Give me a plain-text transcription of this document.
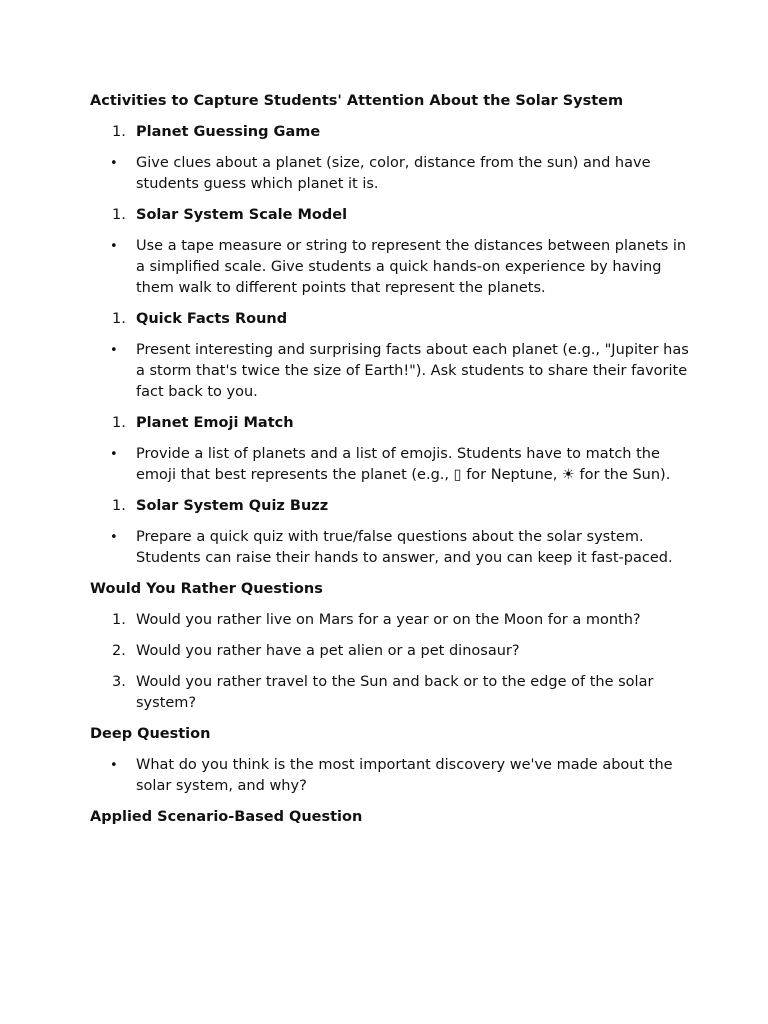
Activities to Capture Students' Attention About the Solar System
1. Planet Guessing Game
•	Give clues about a planet (size, color, distance from the sun) and have students guess which planet it is.
1. Solar System Scale Model
•	Use a tape measure or string to represent the distances between planets in a simplified scale. Give students a quick hands-on experience by having them walk to different points that represent the planets.
1. Quick Facts Round
•	Present interesting and surprising facts about each planet (e.g., "Jupiter has a storm that's twice the size of Earth!"). Ask students to share their favorite fact back to you.
1. Planet Emoji Match
•	Provide a list of planets and a list of emojis. Students have to match the emoji that best represents the planet (e.g., ▯ for Neptune, ☀ for the Sun).
1. Solar System Quiz Buzz
•	Prepare a quick quiz with true/false questions about the solar system. Students can raise their hands to answer, and you can keep it fast-paced.
Would You Rather Questions
1. Would you rather live on Mars for a year or on the Moon for a month?
2. Would you rather have a pet alien or a pet dinosaur?
3. Would you rather travel to the Sun and back or to the edge of the solar system?
Deep Question
•	What do you think is the most important discovery we've made about the solar system, and why?
Applied Scenario-Based Question
